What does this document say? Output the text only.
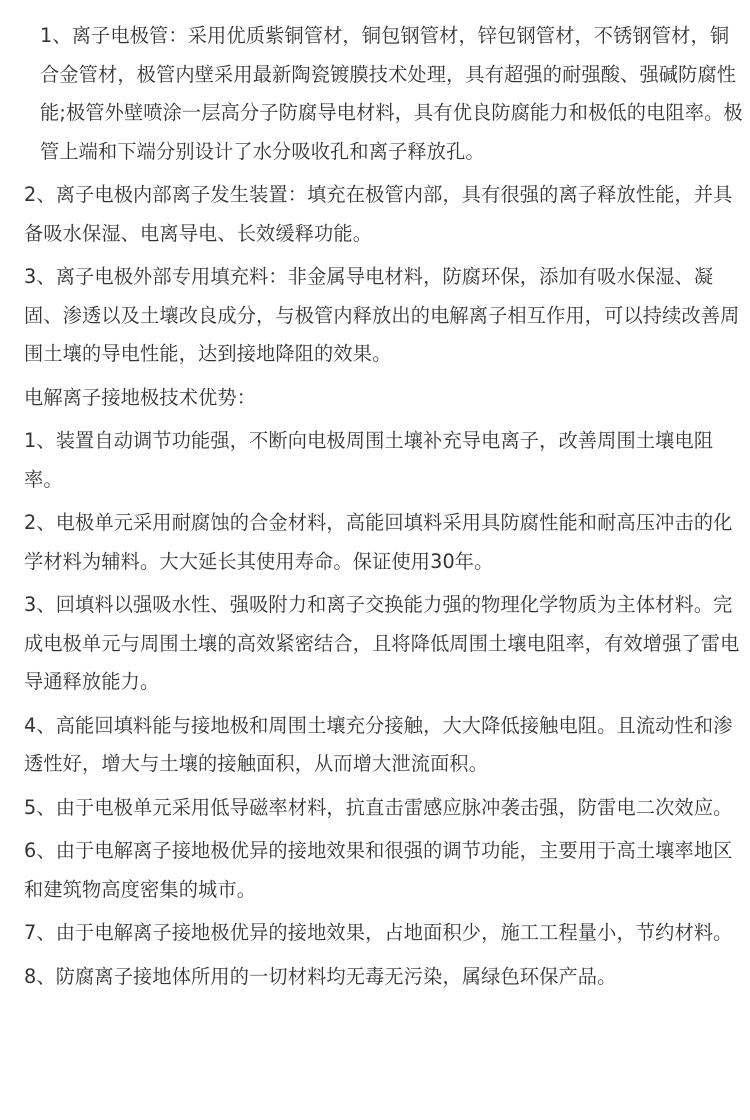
1、离子电极管：采用优质紫铜管材，铜包钢管材，锌包钢管材，不锈钢管材，铜合金管材，极管内壁采用最新陶瓷镀膜技术处理，具有超强的耐强酸、强碱防腐性能;极管外壁喷涂一层高分子防腐导电材料，具有优良防腐能力和极低的电阻率。极管上端和下端分别设计了水分吸收孔和离子释放孔。

2、离子电极内部离子发生装置：填充在极管内部，具有很强的离子释放性能，并具备吸水保湿、电离导电、长效缓释功能。

3、离子电极外部专用填充料：非金属导电材料，防腐环保，添加有吸水保湿、凝固、渗透以及土壤改良成分，与极管内释放出的电解离子相互作用，可以持续改善周围土壤的导电性能，达到接地降阻的效果。

电解离子接地极技术优势：

1、装置自动调节功能强，不断向电极周围土壤补充导电离子，改善周围土壤电阻率。

2、电极单元采用耐腐蚀的合金材料，高能回填料采用具防腐性能和耐高压冲击的化学材料为辅料。大大延长其使用寿命。保证使用30年。

3、回填料以强吸水性、强吸附力和离子交换能力强的物理化学物质为主体材料。完成电极单元与周围土壤的高效紧密结合，且将降低周围土壤电阻率，有效增强了雷电导通释放能力。

4、高能回填料能与接地极和周围土壤充分接触，大大降低接触电阻。且流动性和渗透性好，增大与土壤的接触面积，从而增大泄流面积。

5、由于电极单元采用低导磁率材料，抗直击雷感应脉冲袭击强，防雷电二次效应。

6、由于电解离子接地极优异的接地效果和很强的调节功能，主要用于高土壤率地区和建筑物高度密集的城市。

7、由于电解离子接地极优异的接地效果，占地面积少，施工工程量小，节约材料。

8、防腐离子接地体所用的一切材料均无毒无污染，属绿色环保产品。
